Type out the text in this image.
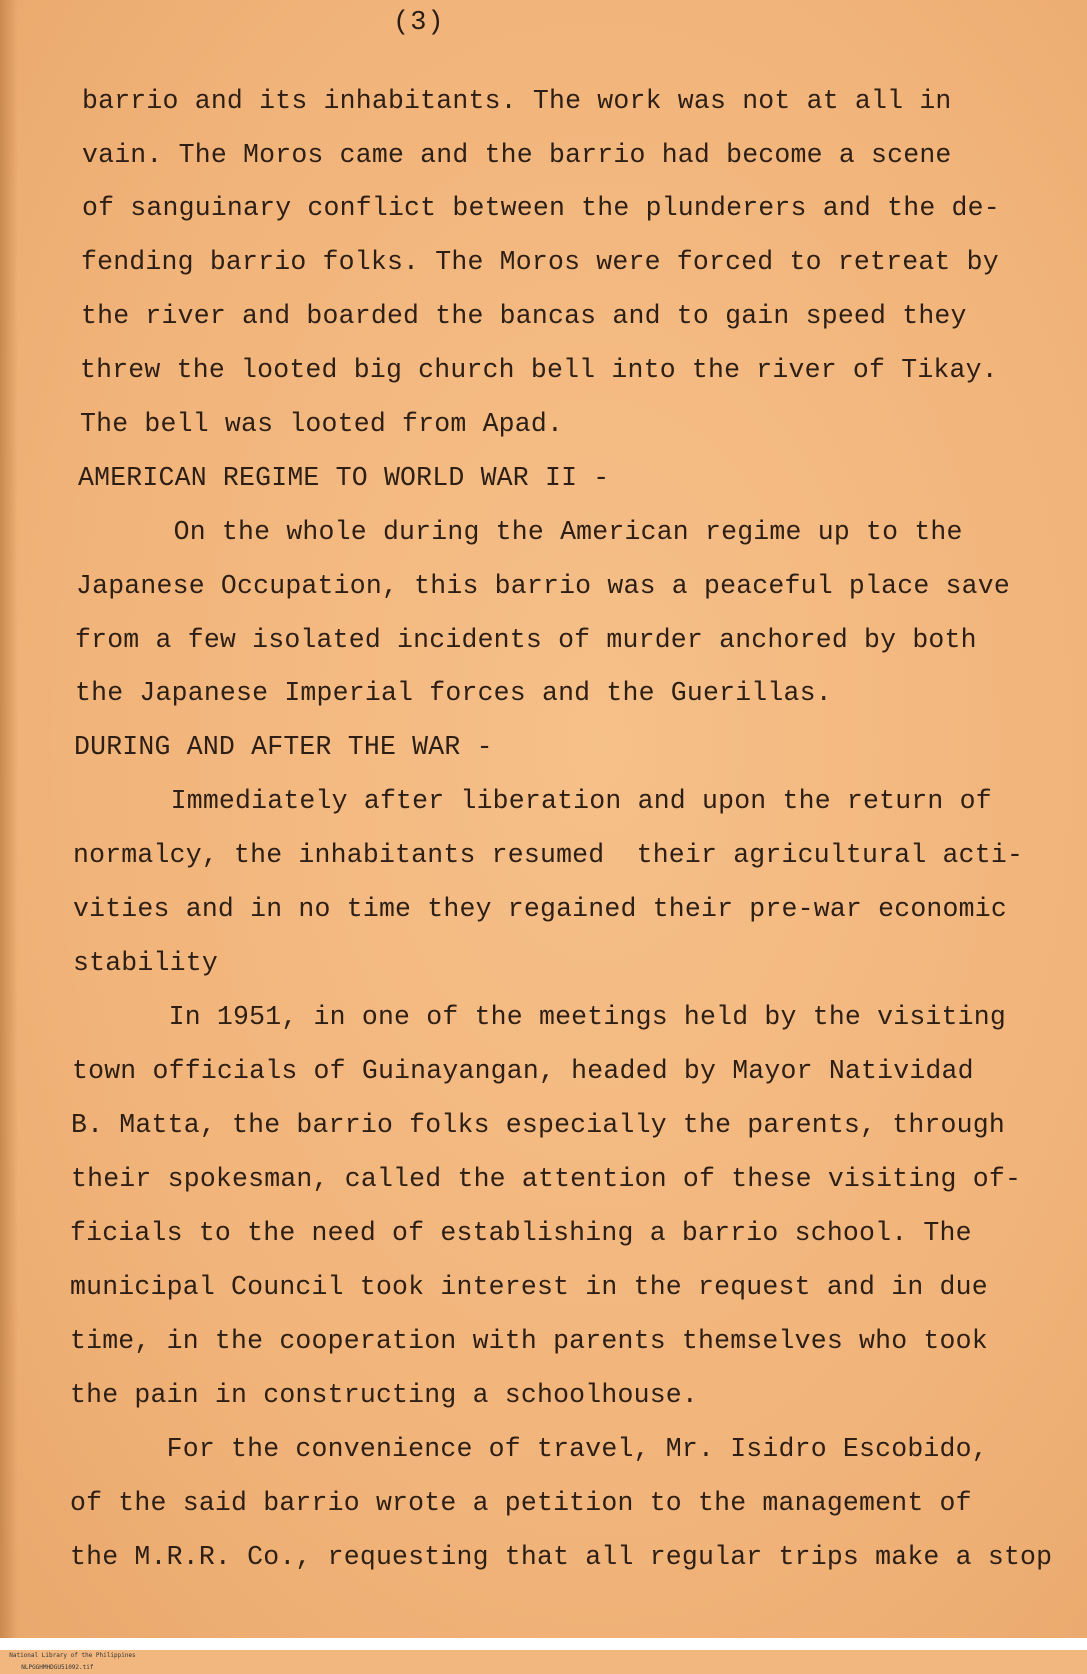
(3)
barrio and its inhabitants. The work was not at all in
vain. The Moros came and the barrio had become a scene
of sanguinary conflict between the plunderers and the de-
fending barrio folks. The Moros were forced to retreat by
the river and boarded the bancas and to gain speed they
threw the looted big church bell into the river of Tikay.
The bell was looted from Apad.
AMERICAN REGIME TO WORLD WAR II -
On the whole during the American regime up to the
Japanese Occupation, this barrio was a peaceful place save
from a few isolated incidents of murder anchored by both
the Japanese Imperial forces and the Guerillas.
DURING AND AFTER THE WAR -
Immediately after liberation and upon the return of
normalcy, the inhabitants resumed  their agricultural acti-
vities and in no time they regained their pre-war economic
stability
In 1951, in one of the meetings held by the visiting
town officials of Guinayangan, headed by Mayor Natividad
B. Matta, the barrio folks especially the parents, through
their spokesman, called the attention of these visiting of-
ficials to the need of establishing a barrio school. The
municipal Council took interest in the request and in due
time, in the cooperation with parents themselves who took
the pain in constructing a schoolhouse.
For the convenience of travel, Mr. Isidro Escobido,
of the said barrio wrote a petition to the management of
the M.R.R. Co., requesting that all regular trips make a stop

National Library of the Philippines
NLPGGHMHDGU51092.tif
